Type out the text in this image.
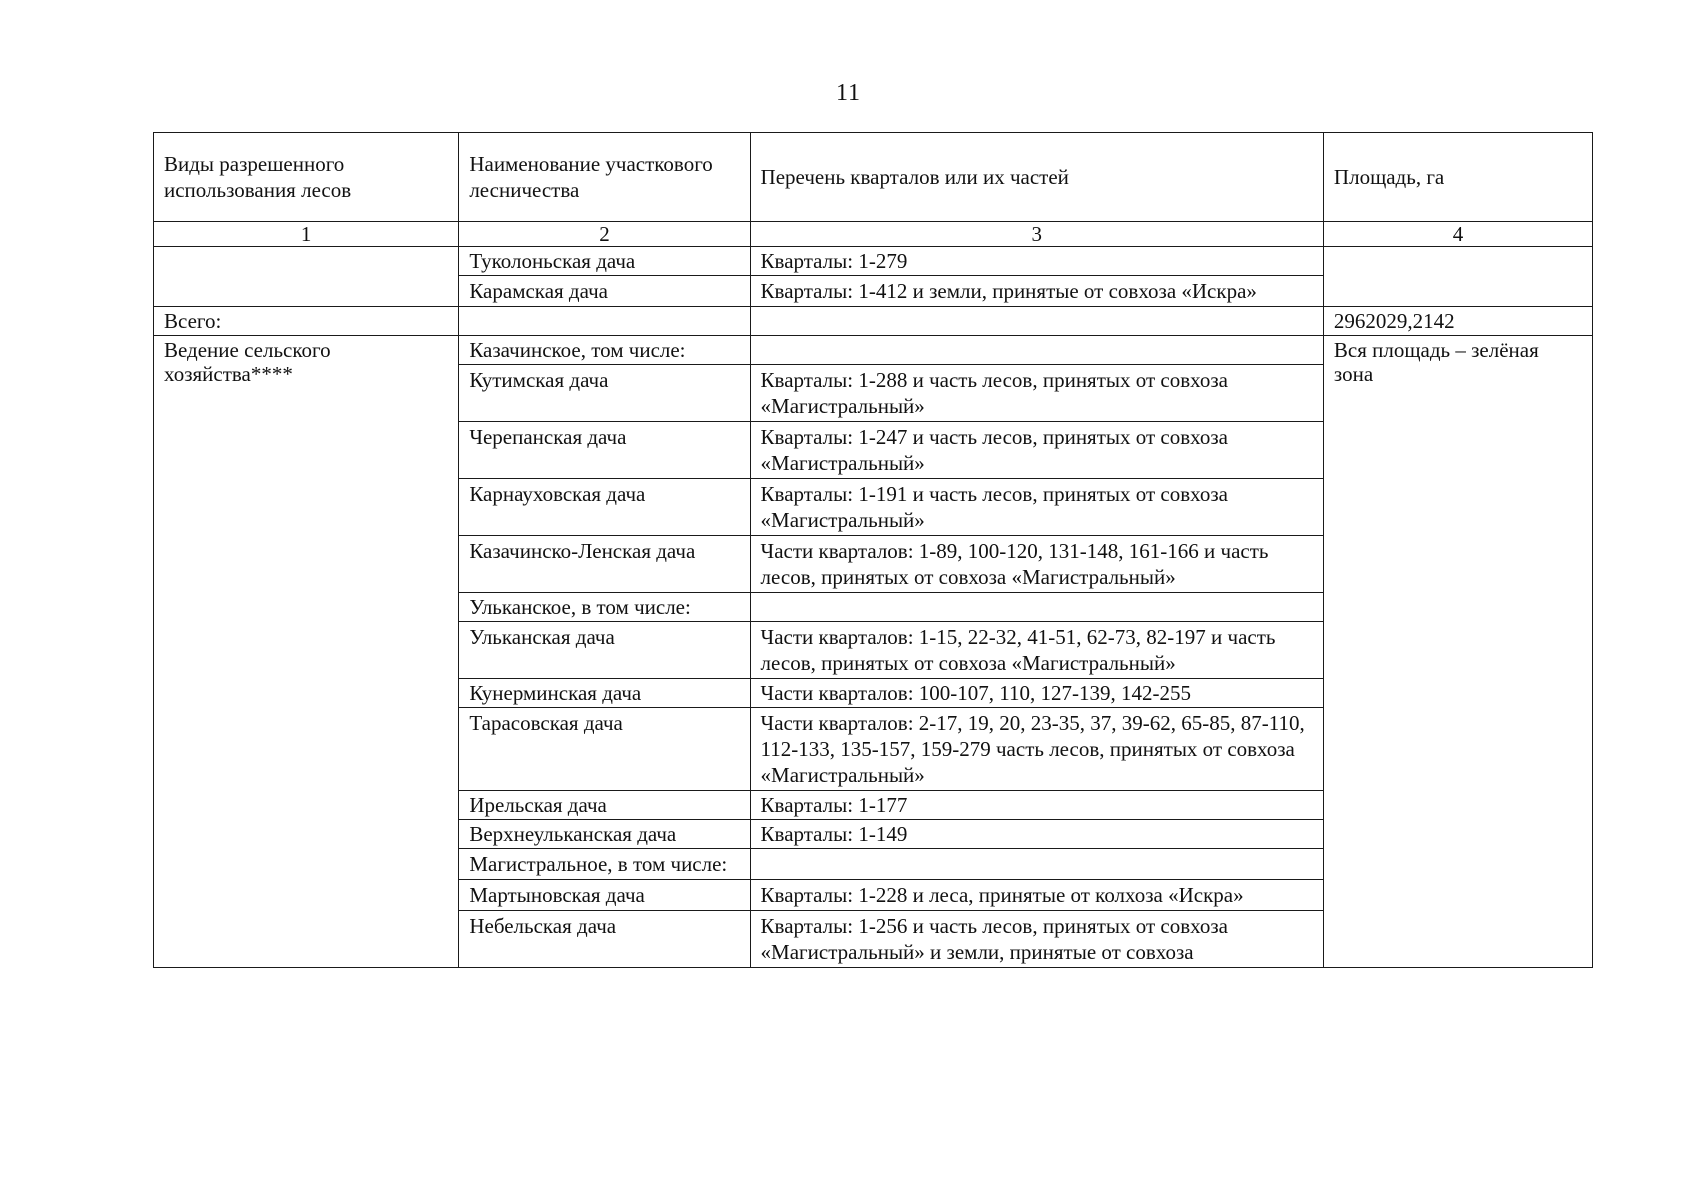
11
Виды разрешенного использования лесов	Наименование участкового лесничества	Перечень кварталов или их частей	Площадь, га
1	2	3	4
	Туколоньская дача	Кварталы: 1-279	
	Карамская дача	Кварталы: 1-412 и земли, принятые от совхоза «Искра»	
Всего:			2962029,2142
Ведение сельского хозяйства****	Казачинское, том числе:		Вся площадь – зелёная зона
	Кутимская дача	Кварталы: 1-288 и часть лесов, принятых от совхоза «Магистральный»	
	Черепанская дача	Кварталы: 1-247 и часть лесов, принятых от совхоза «Магистральный»	
	Карнауховская дача	Кварталы: 1-191 и часть лесов, принятых от совхоза «Магистральный»	
	Казачинско-Ленская дача	Части кварталов: 1-89, 100-120, 131-148, 161-166 и часть лесов, принятых от совхоза «Магистральный»	
	Ульканское, в том числе:		
	Ульканская дача	Части кварталов: 1-15, 22-32, 41-51, 62-73, 82-197 и часть лесов, принятых от совхоза «Магистральный»	
	Кунерминская дача	Части кварталов: 100-107, 110, 127-139, 142-255	
	Тарасовская дача	Части кварталов: 2-17, 19, 20, 23-35, 37, 39-62, 65-85, 87-110, 112-133, 135-157, 159-279 часть лесов, принятых от совхоза «Магистральный»	
	Ирельская дача	Кварталы: 1-177	
	Верхнеульканская дача	Кварталы: 1-149	
	Магистральное, в том числе:		
	Мартыновская дача	Кварталы: 1-228 и леса, принятые от колхоза «Искра»	
	Небельская дача	Кварталы: 1-256 и часть лесов, принятых от совхоза «Магистральный» и земли, принятые от совхоза	
